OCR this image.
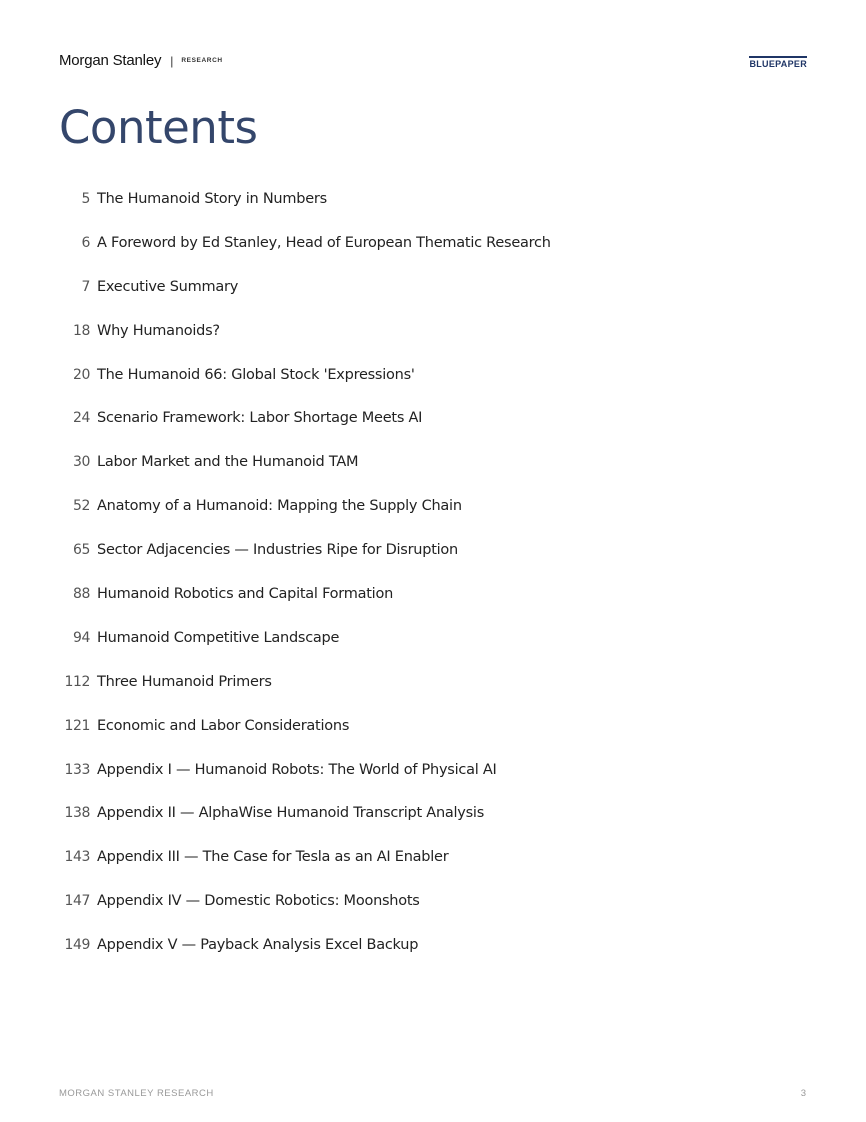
Morgan Stanley | RESEARCH	BLUEPAPER
Contents
5 The Humanoid Story in Numbers
6 A Foreword by Ed Stanley, Head of European Thematic Research
7 Executive Summary
18 Why Humanoids?
20 The Humanoid 66: Global Stock 'Expressions'
24 Scenario Framework: Labor Shortage Meets AI
30 Labor Market and the Humanoid TAM
52 Anatomy of a Humanoid: Mapping the Supply Chain
65 Sector Adjacencies — Industries Ripe for Disruption
88 Humanoid Robotics and Capital Formation
94 Humanoid Competitive Landscape
112 Three Humanoid Primers
121 Economic and Labor Considerations
133 Appendix I — Humanoid Robots: The World of Physical AI
138 Appendix II — AlphaWise Humanoid Transcript Analysis
143 Appendix III — The Case for Tesla as an AI Enabler
147 Appendix IV — Domestic Robotics: Moonshots
149 Appendix V — Payback Analysis Excel Backup
MORGAN STANLEY RESEARCH	3
